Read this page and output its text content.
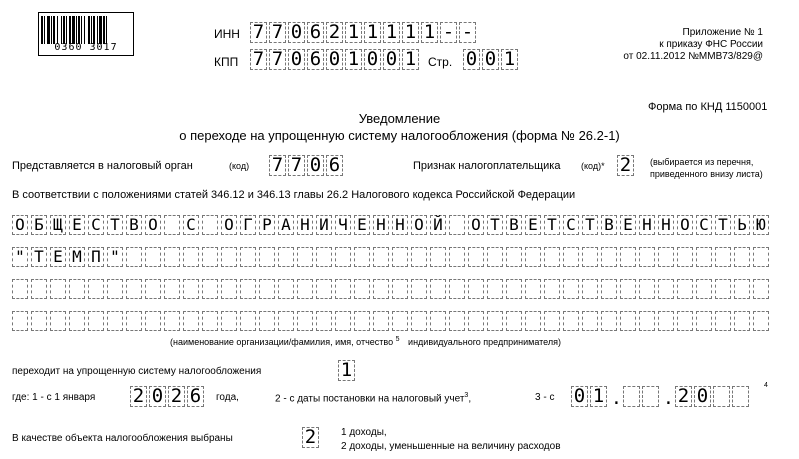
0360 3017
ИНН 7 7 0 6 2 1 1 1 1 1 - -
КПП 7 7 0 6 0 1 0 0 1 Стр. 0 0 1
Приложение № 1
к приказу ФНС России
от 02.11.2012 №ММВ73/829@
Форма по КНД 1150001
Уведомление
о переходе на упрощенную систему налогообложения (форма № 26.2-1)
Представляется в налоговый орган	(код) 7 7 0 6	Признак налогоплательщика (код)* 2	(выбирается из перечня,
приведенного внизу листа)
В соответствии с положениями статей 346.12 и 346.13 главы 26.2 Налогового кодекса Российской Федерации
О Б Щ Е С Т В О С О Г Р А Н И Ч Е Н Н О Й О Т В Е Т С Т В Е Н Н О С Т Ь Ю
" Т Е М П "
(наименование организации/фамилия, имя, отчество $^5$ индивидуального предпринимателя)
переходит на упрощенную систему налогообложения	1
где: 1 - с 1 января 2 0 2 6 года,	2 - с даты постановки на налоговый учет$^3$,	3 - с 0 1 . . 2 0	4
В качестве объекта налогообложения выбраны	2 1 доходы,
2 доходы, уменьшенные на величину расходов
